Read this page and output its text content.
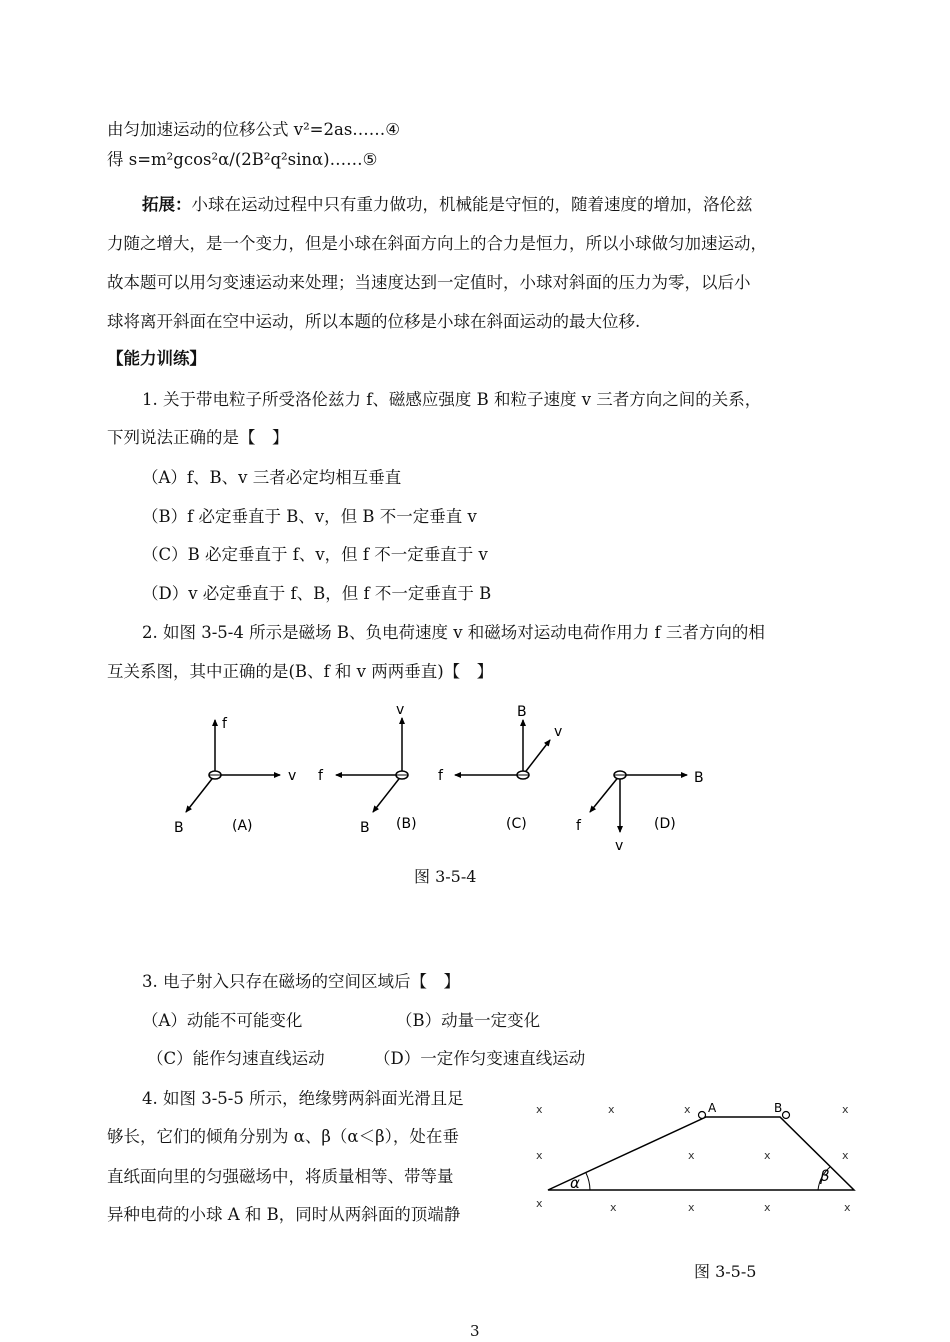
由匀加速运动的位移公式 v²=2as……④
得 s=m²gcos²α/(2B²q²sinα)……⑤
拓展：小球在运动过程中只有重力做功，机械能是守恒的，随着速度的增加，洛伦兹
力随之增大，是一个变力，但是小球在斜面方向上的合力是恒力，所以小球做匀加速运动，
故本题可以用匀变速运动来处理；当速度达到一定值时，小球对斜面的压力为零，以后小
球将离开斜面在空中运动，所以本题的位移是小球在斜面运动的最大位移.
【能力训练】
1. 关于带电粒子所受洛伦兹力 f、磁感应强度 B 和粒子速度 v 三者方向之间的关系，
下列说法正确的是【　】
（A）f、B、v 三者必定均相互垂直
（B）f 必定垂直于 B、v，但 B 不一定垂直 v
（C）B 必定垂直于 f、v，但 f 不一定垂直于 v
（D）v 必定垂直于 f、B，但 f 不一定垂直于 B
2. 如图 3-5-4 所示是磁场 B、负电荷速度 v 和磁场对运动电荷作用力 f 三者方向的相
互关系图，其中正确的是(B、f 和 v 两两垂直)【　】
f
v
B	(A)
v
f
B (B)
B
v
f
(C)
B
f
v
(D)
图 3-5-4
3. 电子射入只存在磁场的空间区域后【　】
（A）动能不可能变化	（B）动量一定变化
（C）能作匀速直线运动	（D）一定作匀变速直线运动
4. 如图 3-5-5 所示，绝缘劈两斜面光滑且足
够长，它们的倾角分别为 α、β（α＜β），处在垂
直纸面向里的匀强磁场中，将质量相等、带等量
异种电荷的小球 A 和 B，同时从两斜面的顶端静
x	x	x	x
x	x	x	x
x	x	x	x	x
A	B
α	β
图 3-5-5
3
